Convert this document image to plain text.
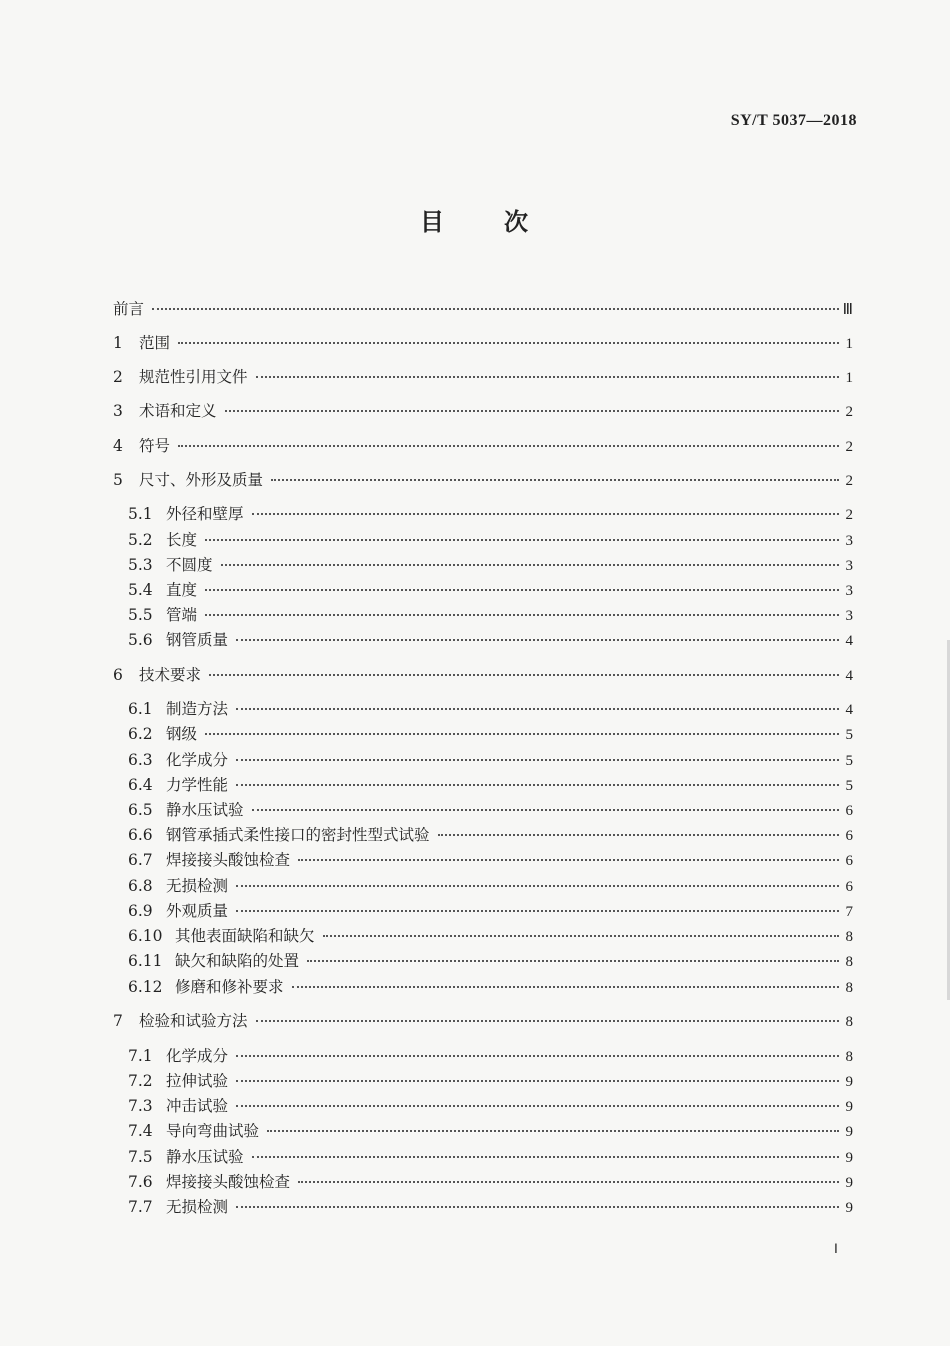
SY/T 5037—2018
目 次
前言	Ⅲ
1	范围	1
2	规范性引用文件	1
3	术语和定义	2
4	符号	2
5	尺寸、外形及质量	2
5.1 外径和壁厚	2
5.2 长度	3
5.3 不圆度	3
5.4 直度	3
5.5 管端	3
5.6 钢管质量	4
6	技术要求	4
6.1 制造方法	4
6.2 钢级	5
6.3 化学成分	5
6.4 力学性能	5
6.5 静水压试验	6
6.6 钢管承插式柔性接口的密封性型式试验	6
6.7 焊接接头酸蚀检查	6
6.8 无损检测	6
6.9 外观质量	7
6.10 其他表面缺陷和缺欠	8
6.11 缺欠和缺陷的处置	8
6.12 修磨和修补要求	8
7	检验和试验方法	8
7.1 化学成分	8
7.2 拉伸试验	9
7.3 冲击试验	9
7.4 导向弯曲试验	9
7.5 静水压试验	9
7.6 焊接接头酸蚀检查	9
7.7 无损检测	9
Ⅰ
